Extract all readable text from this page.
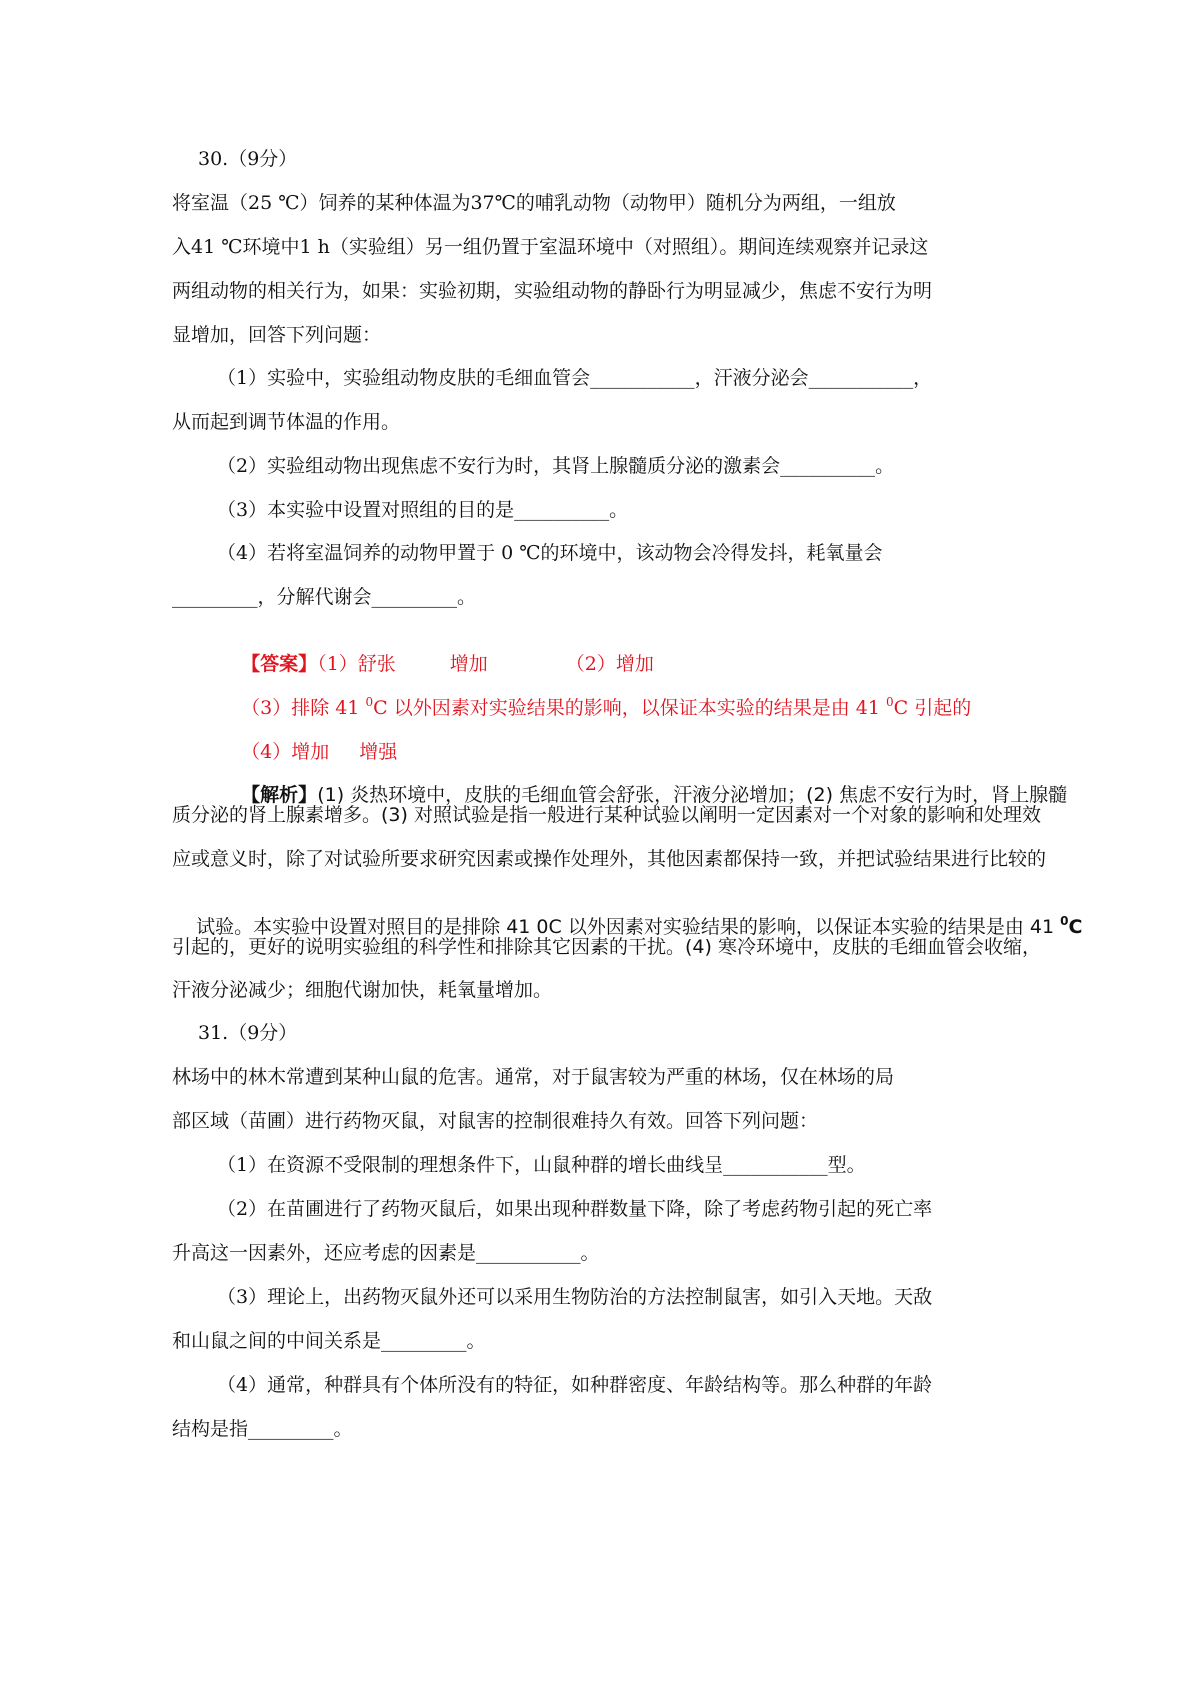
30.（9分）
将室温（25 ℃）饲养的某种体温为37℃的哺乳动物（动物甲）随机分为两组，一组放
入41 ℃环境中1 h（实验组）另一组仍置于室温环境中（对照组）。期间连续观察并记录这
两组动物的相关行为，如果：实验初期，实验组动物的静卧行为明显减少，焦虑不安行为明
显增加，回答下列问题：
（1）实验中，实验组动物皮肤的毛细血管会___________，汗液分泌会___________，
从而起到调节体温的作用。
（2）实验组动物出现焦虑不安行为时，其肾上腺髓质分泌的激素会__________。
（3）本实验中设置对照组的目的是__________。
（4）若将室温饲养的动物甲置于 0 ℃的环境中，该动物会冷得发抖，耗氧量会
_________，分解代谢会_________。

【答案】（1）舒张	增加	（2）增加

（3）排除 41 $^0$C 以外因素对实验结果的影响，以保证本实验的结果是由 41 $^0$C 引起的

（4）增加 增强

【解析】(1) 炎热环境中，皮肤的毛细血管会舒张，汗液分泌增加；(2) 焦虑不安行为时，肾上腺髓

质分泌的肾上腺素增多。(3) 对照试验是指一般进行某种试验以阐明一定因素对一个对象的影响和处理效
应或意义时，除了对试验所要求研究因素或操作处理外，其他因素都保持一致，并把试验结果进行比较的

试验。本实验中设置对照目的是排除 41 0C 以外因素对实验结果的影响，以保证本实验的结果是由 41 $^0$C

引起的，更好的说明实验组的科学性和排除其它因素的干扰。(4) 寒冷环境中，皮肤的毛细血管会收缩，
汗液分泌减少；细胞代谢加快，耗氧量增加。
31.（9分）
林场中的林木常遭到某种山鼠的危害。通常，对于鼠害较为严重的林场，仅在林场的局
部区域（苗圃）进行药物灭鼠，对鼠害的控制很难持久有效。回答下列问题：
（1）在资源不受限制的理想条件下，山鼠种群的增长曲线呈___________型。
（2）在苗圃进行了药物灭鼠后，如果出现种群数量下降，除了考虑药物引起的死亡率
升高这一因素外，还应考虑的因素是___________。
（3）理论上，出药物灭鼠外还可以采用生物防治的方法控制鼠害，如引入天地。天敌
和山鼠之间的中间关系是_________。
（4）通常，种群具有个体所没有的特征，如种群密度、年龄结构等。那么种群的年龄
结构是指_________。
